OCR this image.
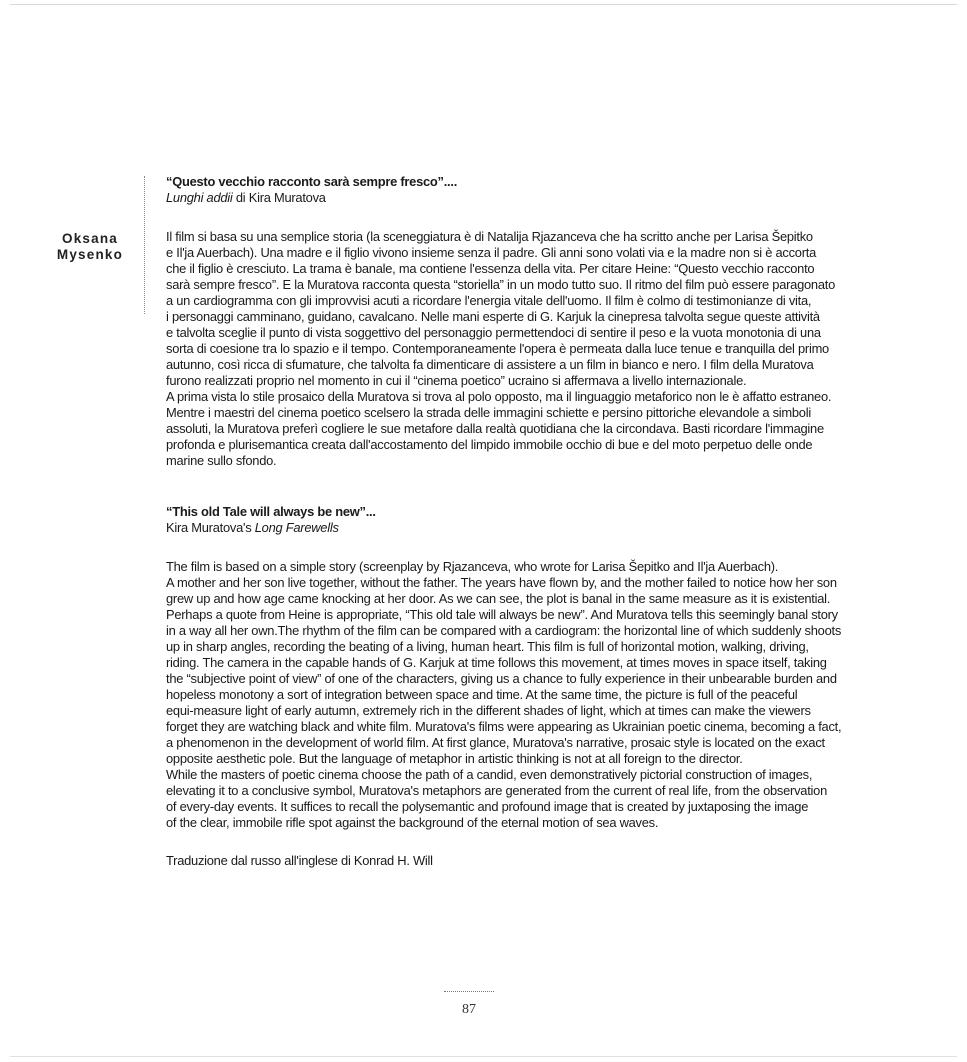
Oksana
Mysenko

“Questo vecchio racconto sarà sempre fresco”....

Lunghi addii di Kira Muratova

Il film si basa su una semplice storia (la sceneggiatura è di Natalija Rjazanceva che ha scritto anche per Larisa Šepitko

e Il'ja Auerbach). Una madre e il figlio vivono insieme senza il padre. Gli anni sono volati via e la madre non si è accorta

che il figlio è cresciuto. La trama è banale, ma contiene l'essenza della vita. Per citare Heine: “Questo vecchio racconto

sarà sempre fresco”. E la Muratova racconta questa “storiella” in un modo tutto suo. Il ritmo del film può essere paragonato

a un cardiogramma con gli improvvisi acuti a ricordare l'energia vitale dell'uomo. Il film è colmo di testimonianze di vita,

i personaggi camminano, guidano, cavalcano. Nelle mani esperte di G. Karjuk la cinepresa talvolta segue queste attività

e talvolta sceglie il punto di vista soggettivo del personaggio permettendoci di sentire il peso e la vuota monotonia di una

sorta di coesione tra lo spazio e il tempo. Contemporaneamente l'opera è permeata dalla luce tenue e tranquilla del primo

autunno, così ricca di sfumature, che talvolta fa dimenticare di assistere a un film in bianco e nero. I film della Muratova

furono realizzati proprio nel momento in cui il “cinema poetico” ucraino si affermava a livello internazionale.

A prima vista lo stile prosaico della Muratova si trova al polo opposto, ma il linguaggio metaforico non le è affatto estraneo.

Mentre i maestri del cinema poetico scelsero la strada delle immagini schiette e persino pittoriche elevandole a simboli

assoluti, la Muratova preferì cogliere le sue metafore dalla realtà quotidiana che la circondava. Basti ricordare l'immagine

profonda e plurisemantica creata dall'accostamento del limpido immobile occhio di bue e del moto perpetuo delle onde

marine sullo sfondo.

“This old Tale will always be new”...

Kira Muratova's Long Farewells

The film is based on a simple story (screenplay by Rjazanceva, who wrote for Larisa Šepitko and Il'ja Auerbach).

A mother and her son live together, without the father. The years have flown by, and the mother failed to notice how her son

grew up and how age came knocking at her door. As we can see, the plot is banal in the same measure as it is existential.

Perhaps a quote from Heine is appropriate, “This old tale will always be new”. And Muratova tells this seemingly banal story

in a way all her own.The rhythm of the film can be compared with a cardiogram: the horizontal line of which suddenly shoots

up in sharp angles, recording the beating of a living, human heart. This film is full of horizontal motion, walking, driving,

riding. The camera in the capable hands of G. Karjuk at time follows this movement, at times moves in space itself, taking

the “subjective point of view” of one of the characters, giving us a chance to fully experience in their unbearable burden and

hopeless monotony a sort of integration between space and time. At the same time, the picture is full of the peaceful

equi-measure light of early autumn, extremely rich in the different shades of light, which at times can make the viewers

forget they are watching black and white film. Muratova's films were appearing as Ukrainian poetic cinema, becoming a fact,

a phenomenon in the development of world film. At first glance, Muratova's narrative, prosaic style is located on the exact

opposite aesthetic pole. But the language of metaphor in artistic thinking is not at all foreign to the director.

While the masters of poetic cinema choose the path of a candid, even demonstratively pictorial construction of images,

elevating it to a conclusive symbol, Muratova's metaphors are generated from the current of real life, from the observation

of every-day events. It suffices to recall the polysemantic and profound image that is created by juxtaposing the image

of the clear, immobile rifle spot against the background of the eternal motion of sea waves.

Traduzione dal russo all'inglese di Konrad H. Will

87
